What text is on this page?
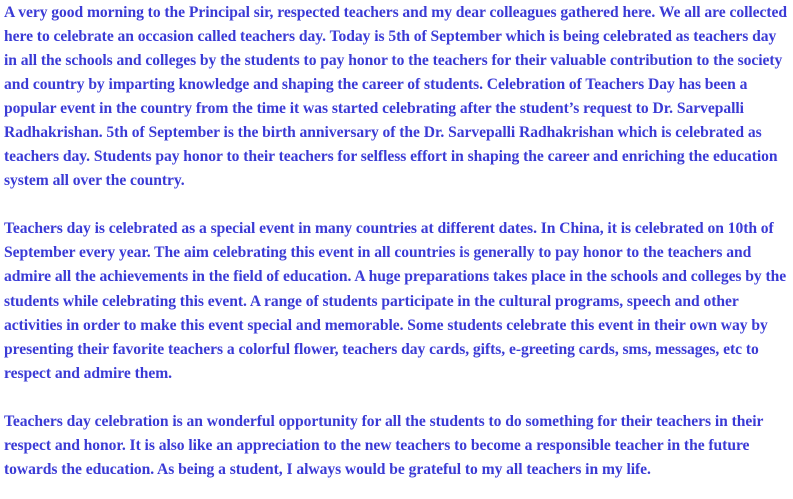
A very good morning to the Principal sir, respected teachers and my dear colleagues gathered here. We all are collected here to celebrate an occasion called teachers day. Today is 5th of September which is being celebrated as teachers day in all the schools and colleges by the students to pay honor to the teachers for their valuable contribution to the society and country by imparting knowledge and shaping the career of students. Celebration of Teachers Day has been a popular event in the country from the time it was started celebrating after the student’s request to Dr. Sarvepalli Radhakrishan. 5th of September is the birth anniversary of the Dr. Sarvepalli Radhakrishan which is celebrated as teachers day. Students pay honor to their teachers for selfless effort in shaping the career and enriching the education system all over the country.

Teachers day is celebrated as a special event in many countries at different dates. In China, it is celebrated on 10th of September every year. The aim celebrating this event in all countries is generally to pay honor to the teachers and admire all the achievements in the field of education. A huge preparations takes place in the schools and colleges by the students while celebrating this event. A range of students participate in the cultural programs, speech and other activities in order to make this event special and memorable. Some students celebrate this event in their own way by presenting their favorite teachers a colorful flower, teachers day cards, gifts, e-greeting cards, sms, messages, etc to respect and admire them.

Teachers day celebration is an wonderful opportunity for all the students to do something for their teachers in their respect and honor. It is also like an appreciation to the new teachers to become a responsible teacher in the future towards the education. As being a student, I always would be grateful to my all teachers in my life.
